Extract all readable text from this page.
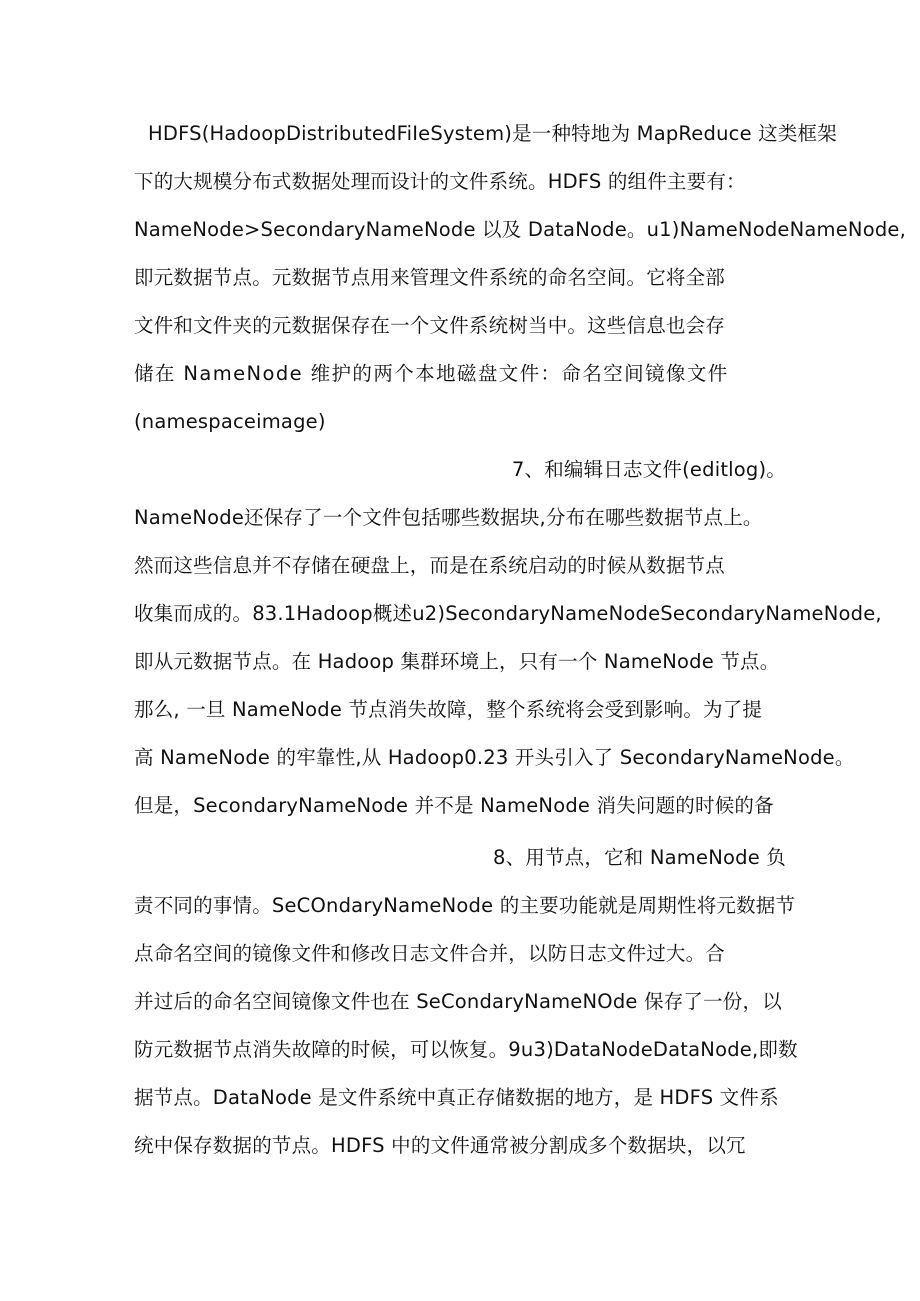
HDFS(HadoopDistributedFiIeSystem)是一种特地为 MapReduce 这类框架
下的大规模分布式数据处理而设计的文件系统。HDFS 的组件主要有：
NameNode>SecondaryNameNode 以及 DataNode。u1)NameNodeNameNode,
即元数据节点。元数据节点用来管理文件系统的命名空间。它将全部
文件和文件夹的元数据保存在一个文件系统树当中。这些信息也会存
储在 NameNode 维护的两个本地磁盘文件：命名空间镜像文件
(namespaceimage)
7、和编辑日志文件(editlog)。
NameNode还保存了一个文件包括哪些数据块,分布在哪些数据节点上。
然而这些信息并不存储在硬盘上，而是在系统启动的时候从数据节点
收集而成的。83.1Hadoop概述u2)SecondaryNameNodeSecondaryNameNode,
即从元数据节点。在 Hadoop 集群环境上，只有一个 NameNode 节点。
那么, 一旦 NameNode 节点消失故障，整个系统将会受到影响。为了提
高 NameNode 的牢靠性,从 Hadoop0.23 开头引入了 SecondaryNameNode。
但是，SecondaryNameNode 并不是 NameNode 消失问题的时候的备
8、用节点，它和 NameNode 负
责不同的事情。SeCOndaryNameNode 的主要功能就是周期性将元数据节
点命名空间的镜像文件和修改日志文件合并，以防日志文件过大。合
并过后的命名空间镜像文件也在 SeCondaryNameNOde 保存了一份，以
防元数据节点消失故障的时候，可以恢复。9u3)DataNodeDataNode,即数
据节点。DataNode 是文件系统中真正存储数据的地方，是 HDFS 文件系
统中保存数据的节点。HDFS 中的文件通常被分割成多个数据块，以冗
